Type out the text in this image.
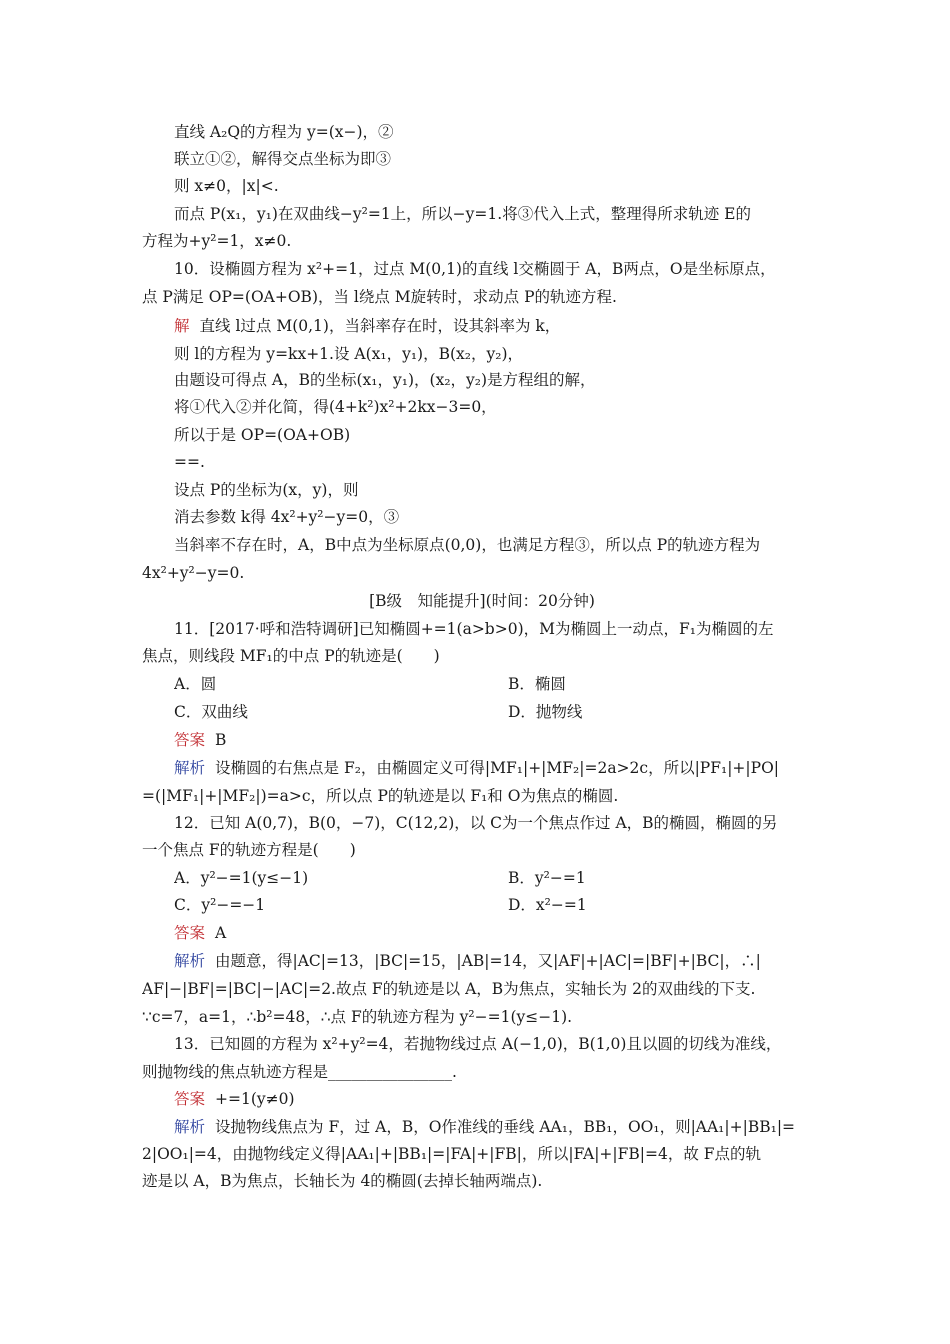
直线 A₂Q的方程为 y=(x−)，②
联立①②，解得交点坐标为即③
则 x≠0，|x|<.
而点 P(x₁，y₁)在双曲线−y²=1上，所以−y=1.将③代入上式，整理得所求轨迹 E的
方程为+y²=1，x≠0.
10．设椭圆方程为 x²+=1，过点 M(0,1)的直线 l交椭圆于 A，B两点，O是坐标原点，
点 P满足 OP=(OA+OB)，当 l绕点 M旋转时，求动点 P的轨迹方程.
解 直线 l过点 M(0,1)，当斜率存在时，设其斜率为 k，
则 l的方程为 y=kx+1.设 A(x₁，y₁)，B(x₂，y₂)，
由题设可得点 A，B的坐标(x₁，y₁)，(x₂，y₂)是方程组的解，
将①代入②并化简，得(4+k²)x²+2kx−3=0，
所以于是 OP=(OA+OB)
==.
设点 P的坐标为(x，y)，则
消去参数 k得 4x²+y²−y=0，③
当斜率不存在时，A，B中点为坐标原点(0,0)，也满足方程③，所以点 P的轨迹方程为
4x²+y²−y=0.
[B级　知能提升](时间：20分钟)
11．[2017·呼和浩特调研]已知椭圆+=1(a>b>0)，M为椭圆上一动点，F₁为椭圆的左
焦点，则线段 MF₁的中点 P的轨迹是(　　)
A．圆	B．椭圆
C．双曲线	D．抛物线
答案 B
解析 设椭圆的右焦点是 F₂，由椭圆定义可得|MF₁|+|MF₂|=2a>2c，所以|PF₁|+|PO|
=(|MF₁|+|MF₂|)=a>c，所以点 P的轨迹是以 F₁和 O为焦点的椭圆.
12．已知 A(0,7)，B(0，−7)，C(12,2)，以 C为一个焦点作过 A，B的椭圆，椭圆的另
一个焦点 F的轨迹方程是(　　)
A．y²−=1(y≤−1)	B．y²−=1
C．y²−=−1	D．x²−=1
答案 A
解析 由题意，得|AC|=13，|BC|=15，|AB|=14，又|AF|+|AC|=|BF|+|BC|，∴|
AF|−|BF|=|BC|−|AC|=2.故点 F的轨迹是以 A，B为焦点，实轴长为 2的双曲线的下支.
∵c=7，a=1，∴b²=48，∴点 F的轨迹方程为 y²−=1(y≤−1).
13．已知圆的方程为 x²+y²=4，若抛物线过点 A(−1,0)，B(1,0)且以圆的切线为准线，
则抛物线的焦点轨迹方程是________________.
答案 +=1(y≠0)
解析 设抛物线焦点为 F，过 A，B，O作准线的垂线 AA₁，BB₁，OO₁，则|AA₁|+|BB₁|=
2|OO₁|=4，由抛物线定义得|AA₁|+|BB₁|=|FA|+|FB|，所以|FA|+|FB|=4，故 F点的轨
迹是以 A，B为焦点，长轴长为 4的椭圆(去掉长轴两端点).
